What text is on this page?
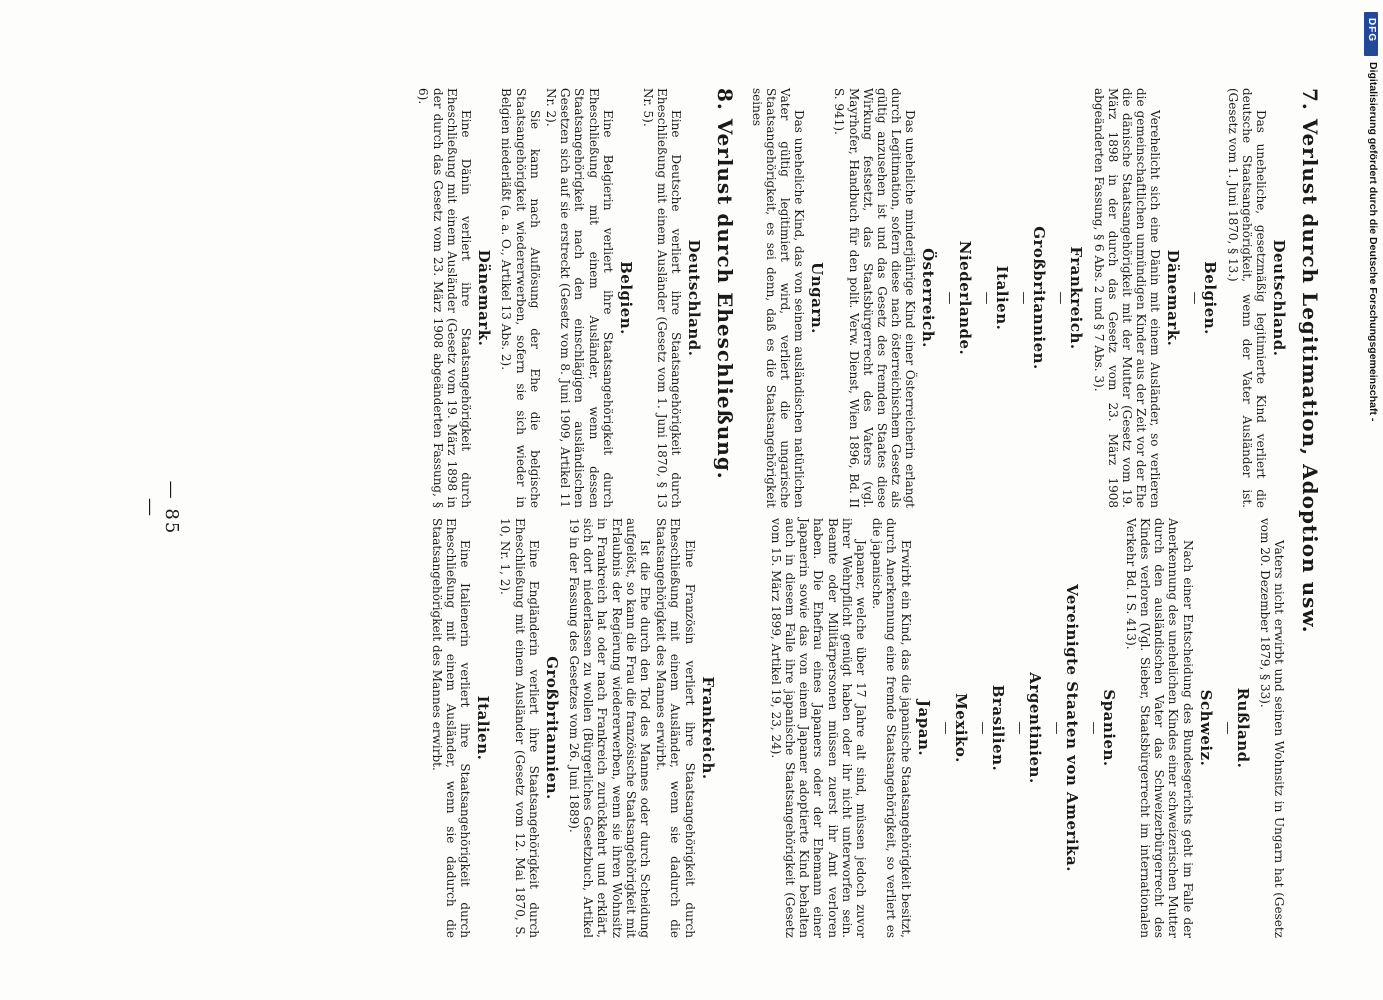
7. Verlust durch Legitimation, Adoption usw.
Deutschland.

Das uneheliche, gesetzmäßig legitimierte Kind verliert die deutsche Staatsangehörigkeit, wenn der Vater Ausländer ist. (Gesetz vom 1. Juni 1870, § 13.)

Belgien.
—
Dänemark.

Verehelicht sich eine Dänin mit einem Ausländer, so verlieren die gemeinschaftlichen unmündigen Kinder aus der Zeit vor der Ehe die dänische Staatsangehörigkeit mit der Mutter (Gesetz vom 19. März 1898 in der durch das Gesetz vom 23. März 1908 abgeänderten Fassung, § 6 Abs. 2 und § 7 Abs. 3).

Frankreich.
—
Großbritannien.
—
Italien.
—
Niederlande.
—
Österreich.

Das uneheliche minderjährige Kind einer Österreicherin erlangt durch Legitimation, sofern diese nach österreichischem Gesetz als gültig anzusehen ist und das Gesetz des fremden Staates diese Wirkung festsetzt, das Staatsbürgerrecht des Vaters (vgl. Mayrhofer, Handbuch für den polit. Verw. Dienst, Wien 1896, Bd. II S. 941).

Ungarn.

Das uneheliche Kind, das von seinem ausländischen natürlichen Vater gültig legitimiert wird, verliert die ungarische Staatsangehörigkeit, es sei denn, daß es die Staatsangehörigkeit seines

8. Verlust durch Eheschließung.
Deutschland.

Eine Deutsche verliert ihre Staatsangehörigkeit durch Eheschließung mit einem Ausländer (Gesetz vom 1. Juni 1870, § 13 Nr. 5).

Belgien.

Eine Belgierin verliert ihre Staatsangehörigkeit durch Eheschließung mit einem Ausländer, wenn dessen Staatsangehörigkeit nach den einschlägigen ausländischen Gesetzen sich auf sie erstreckt (Gesetz vom 8. Juni 1909, Artikel 11 Nr. 2).

Sie kann nach Auflösung der Ehe die belgische Staatsangehörigkeit wiedererwerben, sofern sie sich wieder in Belgien niederläßt (a. a. O., Artikel 13 Abs. 2).

Dänemark.

Eine Dänin verliert ihre Staatsangehörigkeit durch Eheschließung mit einem Ausländer (Gesetz vom 19. März 1898 in der durch das Gesetz vom 23. März 1908 abgeänderten Fassung, § 6).

Vaters nicht erwirbt und seinen Wohnsitz in Ungarn hat (Gesetz vom 20. Dezember 1879, § 33).

Rußland.
—
Schweiz.

Nach einer Entscheidung des Bundesgerichts geht im Falle der Anerkennung des unehelichen Kindes einer schweizerischen Mutter durch den ausländischen Vater das Schweizerbürgerrecht des Kindes verloren (Vgl. Sieber, Staatsbürgerrecht im internationalen Verkehr Bd. I S. 413).

Spanien.
—
Vereinigte Staaten von Amerika.
—
Argentinien.
—
Brasilien.
—
Mexiko.
—
Japan.

Erwirbt ein Kind, das die japanische Staatsangehörigkeit besitzt, durch Anerkennung eine fremde Staatsangehörigkeit, so verliert es die japanische.

Japaner, welche über 17 Jahre alt sind, müssen jedoch zuvor ihrer Wehrpflicht genügt haben oder ihr nicht unterworfen sein. Beamte oder Militärpersonen müssen zuerst ihr Amt verloren haben. Die Ehefrau eines Japaners oder der Ehemann einer Japanerin sowie das von einem Japaner adoptierte Kind behalten auch in diesem Falle ihre japanische Staatsangehörigkeit (Gesetz vom 15. März 1899, Artikel 19, 23, 24).

Frankreich.

Eine Französin verliert ihre Staatsangehörigkeit durch Eheschließung mit einem Ausländer, wenn sie dadurch die Staatsangehörigkeit des Mannes erwirbt.

Ist die Ehe durch den Tod des Mannes oder durch Scheidung aufgelöst, so kann die Frau die französische Staatsangehörigkeit mit Erlaubnis der Regierung wiedererwerben, wenn sie ihren Wohnsitz in Frankreich hat oder nach Frankreich zurückkehrt und erklärt, sich dort niederlassen zu wollen (Bürgerliches Gesetzbuch, Artikel 19 in der Fassung des Gesetzes vom 26. Juni 1889).

Großbritannien.

Eine Engländerin verliert ihre Staatsangehörigkeit durch Eheschließung mit einem Ausländer (Gesetz vom 12. Mai 1870, S. 10, Nr. 1, 2).

Italien.

Eine Italienerin verliert ihre Staatsangehörigkeit durch Eheschließung mit einem Ausländer, wenn sie dadurch die Staatsangehörigkeit des Mannes erwirbt.

— 85 —
DFG
Digitalisierung gefördert durch die Deutsche Forschungsgemeinschaft -
